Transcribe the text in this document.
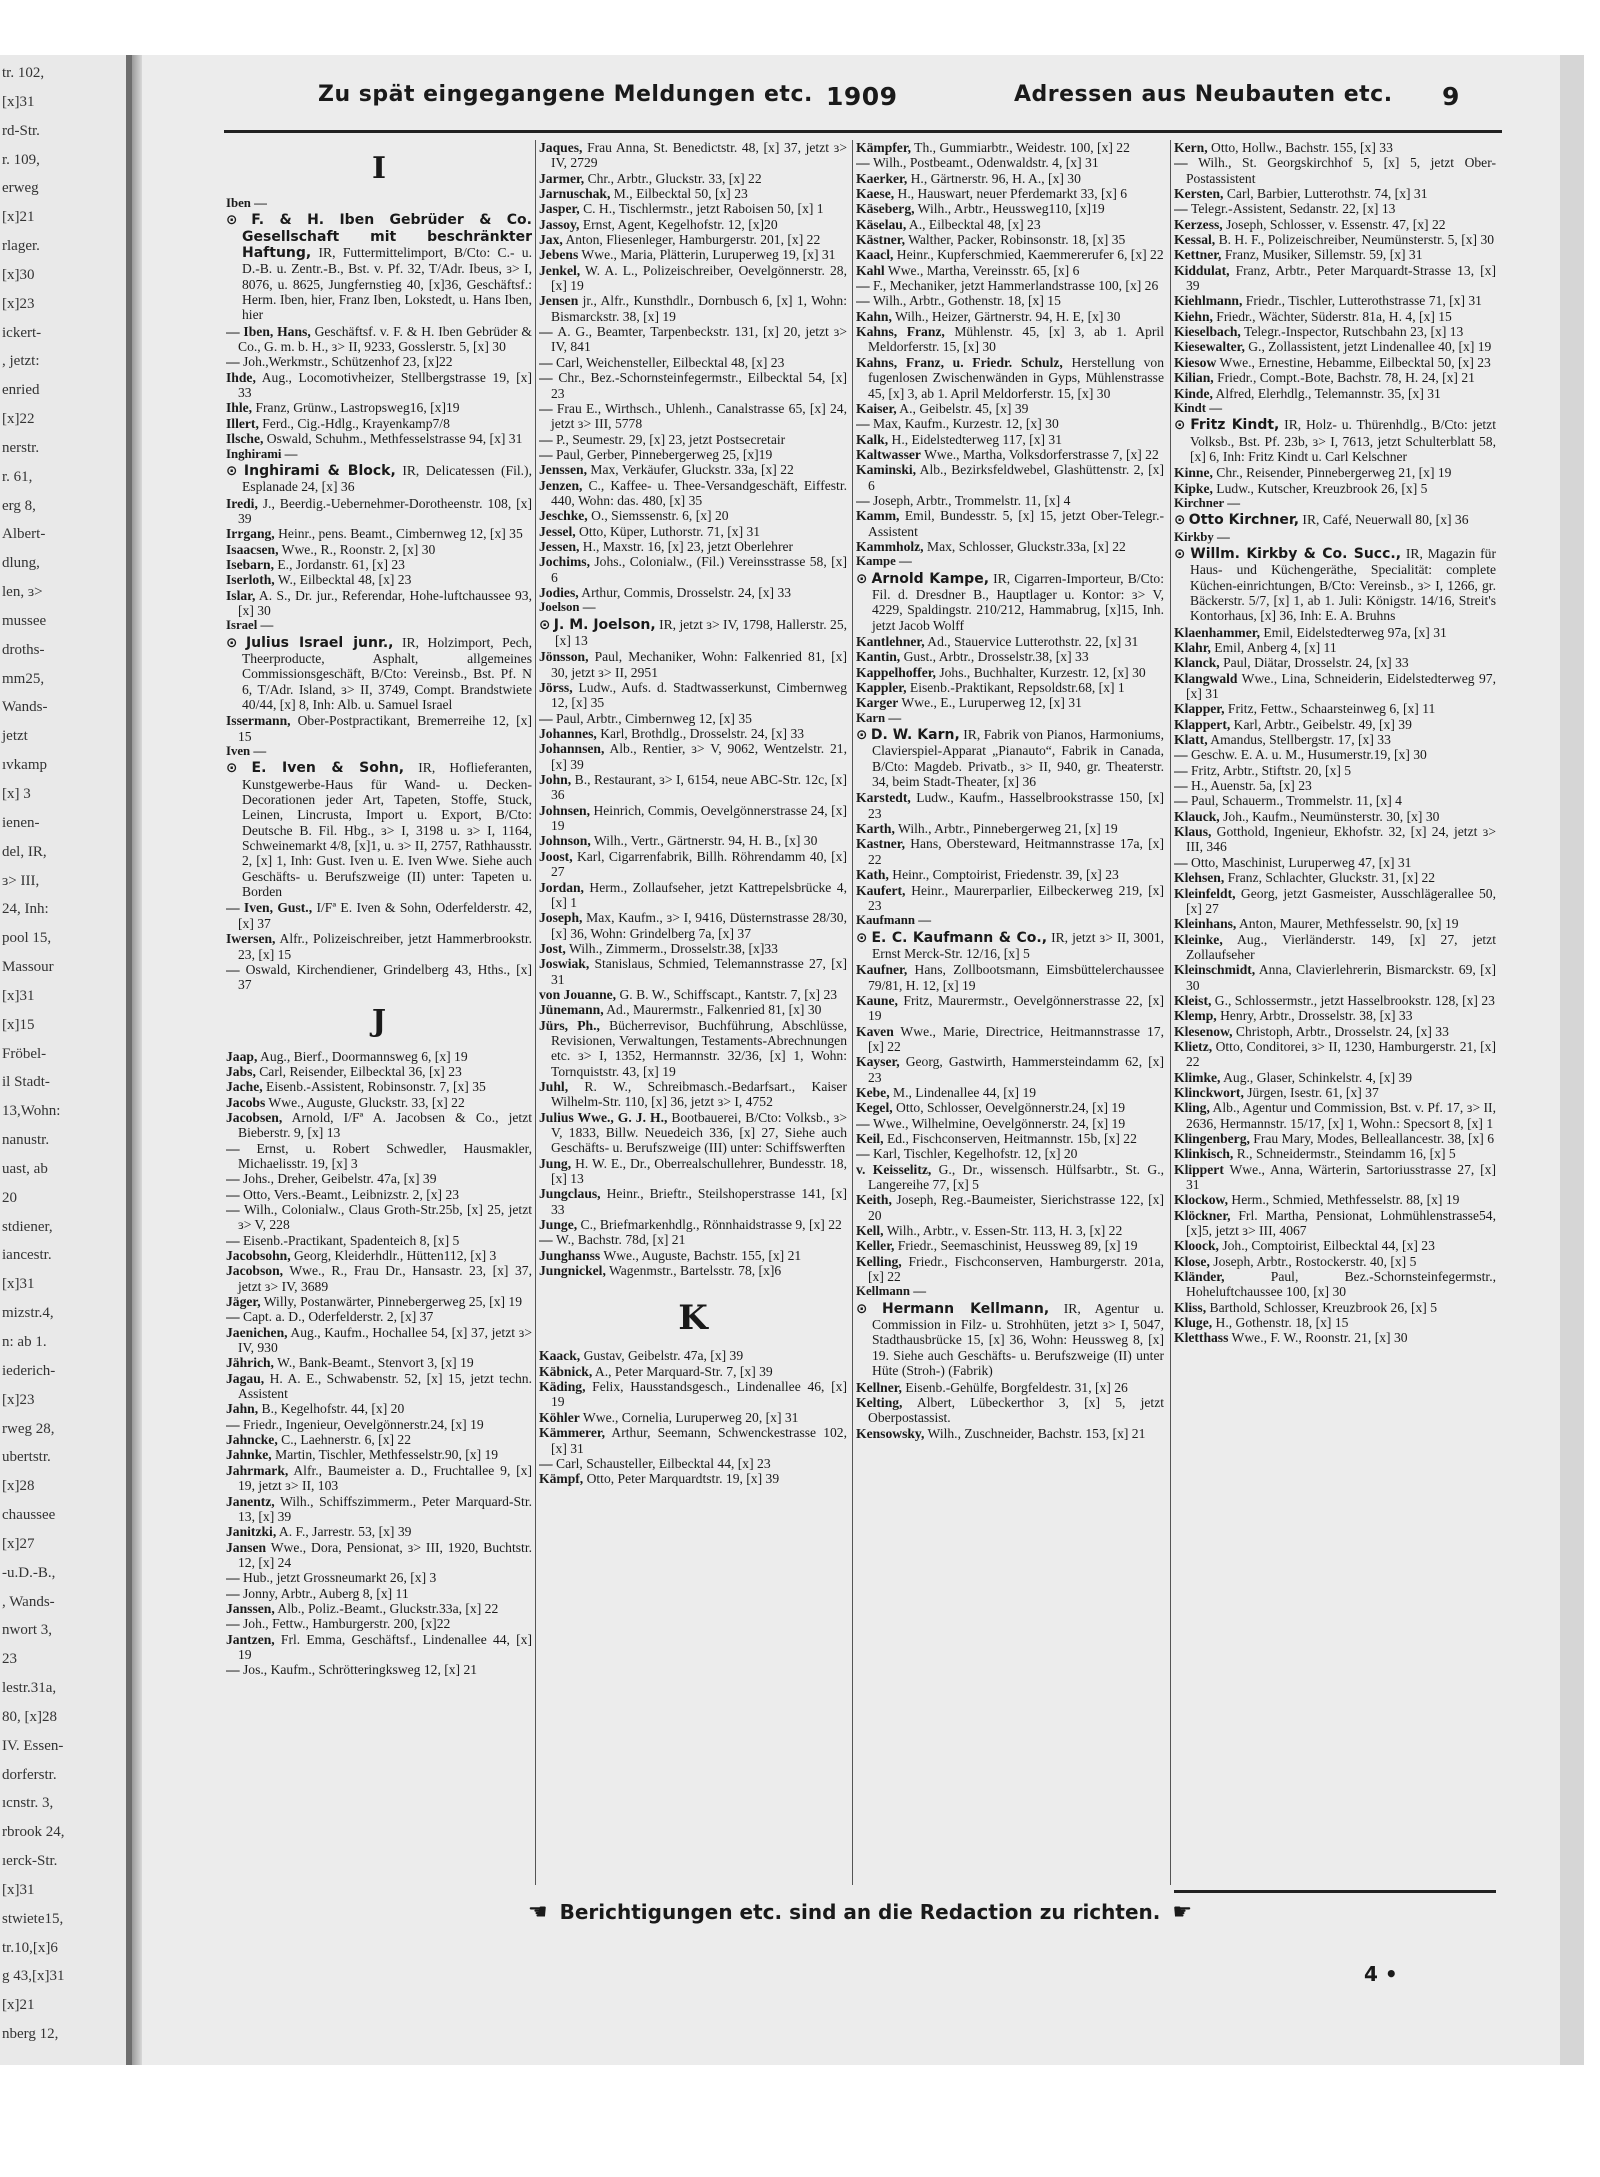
tr. 102,
[x]31
rd-Str.
r. 109,
erweg
[x]21
rlager.
[x]30
[x]23
ickert-
, jetzt:
enried
[x]22
nerstr.
r. 61,
erg 8,
Albert-
dlung,
len, ɜ>
mussee
droths-
mm25,
Wands-
jetzt
ıvkamp
[x] 3
ienen-
del, IR,
ɜ> III,
24, Inh:
pool 15,
Massour
[x]31
[x]15
Fröbel-
il Stadt-
13,Wohn:
nanustr.
uast, ab
20
stdiener,
iancestr.
[x]31
mizstr.4,
n: ab 1.
iederich-
[x]23
rweg 28,
ubertstr.
[x]28
chaussee
[x]27
-u.D.-B.,
, Wands-
nwort 3,
23
lestr.31a,
80, [x]28
IV. Essen-
dorferstr.
ıcnstr. 3,
rbrook 24,
ıerck-Str.
[x]31
stwiete15,
tr.10,[x]6
g 43,[x]31
[x]21
nberg 12,
Zu spät eingegangene Meldungen etc. 1909	Adressen aus Neubauten etc. 9
I

Iben —

⊙ F. & H. Iben Gebrüder & Co. Gesellschaft mit beschränkter Haftung, IR, Futtermittelimport, B/Cto: C.- u. D.-B. u. Zentr.-B., Bst. v. Pf. 32, T/Adr. Ibeus, ɜ> I, 8076, u. 8625, Jungfernstieg 40, [x]36, Geschäftsf.: Herm. Iben, hier, Franz Iben, Lokstedt, u. Hans Iben, hier

— Iben, Hans, Geschäftsf. v. F. & H. Iben Gebrüder & Co., G. m. b. H., ɜ> II, 9233, Gosslerstr. 5, [x] 30

— Joh.,Werkmstr., Schützenhof 23, [x]22

Ihde, Aug., Locomotivheizer, Stellbergstrasse 19, [x] 33

Ihle, Franz, Grünw., Lastropsweg16, [x]19

Illert, Ferd., Cig.-Hdlg., Krayenkamp7/8

Ilsche, Oswald, Schuhm., Methfesselstrasse 94, [x] 31

Inghirami —

⊙ Inghirami & Block, IR, Delicatessen (Fil.), Esplanade 24, [x] 36

Iredi, J., Beerdig.-Uebernehmer-Dorotheenstr. 108, [x] 39

Irrgang, Heinr., pens. Beamt., Cimbernweg 12, [x] 35

Isaacsen, Wwe., R., Roonstr. 2, [x] 30

Isebarn, E., Jordanstr. 61, [x] 23

Iserloth, W., Eilbecktal 48, [x] 23

Islar, A. S., Dr. jur., Referendar, Hohe-luftchaussee 93, [x] 30

Israel —

⊙ Julius Israel junr., IR, Holzimport, Pech, Theerproducte, Asphalt, allgemeines Commissionsgeschäft, B/Cto: Vereinsb., Bst. Pf. N 6, T/Adr. Island, ɜ> II, 3749, Compt. Brandstwiete 40/44, [x] 8, Inh: Alb. u. Samuel Israel

Issermann, Ober-Postpractikant, Bremerreihe 12, [x] 15

Iven —

⊙ E. Iven & Sohn, IR, Hoflieferanten, Kunstgewerbe-Haus für Wand- u. Decken-Decorationen jeder Art, Tapeten, Stoffe, Stuck, Leinen, Lincrusta, Import u. Export, B/Cto: Deutsche B. Fil. Hbg., ɜ> I, 3198 u. ɜ> I, 1164, Schweinemarkt 4/8, [x]1, u. ɜ> II, 2757, Rathhausstr. 2, [x] 1, Inh: Gust. Iven u. E. Iven Wwe. Siehe auch Geschäfts- u. Berufszweige (II) unter: Tapeten u. Borden

— Iven, Gust., I/Fª E. Iven & Sohn, Oderfelderstr. 42, [x] 37

Iwersen, Alfr., Polizeischreiber, jetzt Hammerbrookstr. 23, [x] 15

— Oswald, Kirchendiener, Grindelberg 43, Hths., [x] 37

J

Jaap, Aug., Bierf., Doormannsweg 6, [x] 19

Jabs, Carl, Reisender, Eilbecktal 36, [x] 23

Jache, Eisenb.-Assistent, Robinsonstr. 7, [x] 35

Jacobs Wwe., Auguste, Gluckstr. 33, [x] 22

Jacobsen, Arnold, I/Fª A. Jacobsen & Co., jetzt Bieberstr. 9, [x] 13

— Ernst, u. Robert Schwedler, Hausmakler, Michaelisstr. 19, [x] 3

— Johs., Dreher, Geibelstr. 47a, [x] 39

— Otto, Vers.-Beamt., Leibnizstr. 2, [x] 23

— Wilh., Colonialw., Claus Groth-Str.25b, [x] 25, jetzt ɜ> V, 228

— Eisenb.-Practikant, Spadenteich 8, [x] 5

Jacobsohn, Georg, Kleiderhdlr., Hütten112, [x] 3

Jacobson, Wwe., R., Frau Dr., Hansastr. 23, [x] 37, jetzt ɜ> IV, 3689

Jäger, Willy, Postanwärter, Pinnebergerweg 25, [x] 19

— Capt. a. D., Oderfelderstr. 2, [x] 37

Jaenichen, Aug., Kaufm., Hochallee 54, [x] 37, jetzt ɜ> IV, 930

Jährich, W., Bank-Beamt., Stenvort 3, [x] 19

Jagau, H. A. E., Schwabenstr. 52, [x] 15, jetzt techn. Assistent

Jahn, B., Kegelhofstr. 44, [x] 20

— Friedr., Ingenieur, Oevelgönnerstr.24, [x] 19

Jahncke, C., Laehnerstr. 6, [x] 22

Jahnke, Martin, Tischler, Methfesselstr.90, [x] 19

Jahrmark, Alfr., Baumeister a. D., Fruchtallee 9, [x] 19, jetzt ɜ> II, 103

Janentz, Wilh., Schiffszimmerm., Peter Marquard-Str. 13, [x] 39

Janitzki, A. F., Jarrestr. 53, [x] 39

Jansen Wwe., Dora, Pensionat, ɜ> III, 1920, Buchtstr. 12, [x] 24

— Hub., jetzt Grossneumarkt 26, [x] 3

— Jonny, Arbtr., Auberg 8, [x] 11

Janssen, Alb., Poliz.-Beamt., Gluckstr.33a, [x] 22

— Joh., Fettw., Hamburgerstr. 200, [x]22

Jantzen, Frl. Emma, Geschäftsf., Lindenallee 44, [x] 19

— Jos., Kaufm., Schrötteringksweg 12, [x] 21

Jaques, Frau Anna, St. Benedictstr. 48, [x] 37, jetzt ɜ> IV, 2729

Jarmer, Chr., Arbtr., Gluckstr. 33, [x] 22

Jarnuschak, M., Eilbecktal 50, [x] 23

Jasper, C. H., Tischlermstr., jetzt Raboisen 50, [x] 1

Jassoy, Ernst, Agent, Kegelhofstr. 12, [x]20

Jax, Anton, Fliesenleger, Hamburgerstr. 201, [x] 22

Jebens Wwe., Maria, Plätterin, Luruperweg 19, [x] 31

Jenkel, W. A. L., Polizeischreiber, Oevelgönnerstr. 28, [x] 19

Jensen jr., Alfr., Kunsthdlr., Dornbusch 6, [x] 1, Wohn: Bismarckstr. 38, [x] 19

— A. G., Beamter, Tarpenbeckstr. 131, [x] 20, jetzt ɜ> IV, 841

— Carl, Weichensteller, Eilbecktal 48, [x] 23

— Chr., Bez.-Schornsteinfegermstr., Eilbecktal 54, [x] 23

— Frau E., Wirthsch., Uhlenh., Canalstrasse 65, [x] 24, jetzt ɜ> III, 5778

— P., Seumestr. 29, [x] 23, jetzt Postsecretair

— Paul, Gerber, Pinnebergerweg 25, [x]19

Jenssen, Max, Verkäufer, Gluckstr. 33a, [x] 22

Jenzen, C., Kaffee- u. Thee-Versandgeschäft, Eiffestr. 440, Wohn: das. 480, [x] 35

Jeschke, O., Siemssenstr. 6, [x] 20

Jessel, Otto, Küper, Luthorstr. 71, [x] 31

Jessen, H., Maxstr. 16, [x] 23, jetzt Oberlehrer

Jochims, Johs., Colonialw., (Fil.) Vereinsstrasse 58, [x] 6

Jodies, Arthur, Commis, Drosselstr. 24, [x] 33

Joelson —

⊙ J. M. Joelson, IR, jetzt ɜ> IV, 1798, Hallerstr. 25, [x] 13

Jönsson, Paul, Mechaniker, Wohn: Falkenried 81, [x] 30, jetzt ɜ> II, 2951

Jörss, Ludw., Aufs. d. Stadtwasserkunst, Cimbernweg 12, [x] 35

— Paul, Arbtr., Cimbernweg 12, [x] 35

Johannes, Karl, Brothdlg., Drosselstr. 24, [x] 33

Johannsen, Alb., Rentier, ɜ> V, 9062, Wentzelstr. 21, [x] 39

John, B., Restaurant, ɜ> I, 6154, neue ABC-Str. 12c, [x] 36

Johnsen, Heinrich, Commis, Oevelgönnerstrasse 24, [x] 19

Johnson, Wilh., Vertr., Gärtnerstr. 94, H. B., [x] 30

Joost, Karl, Cigarrenfabrik, Billh. Röhrendamm 40, [x] 27

Jordan, Herm., Zollaufseher, jetzt Kattrepelsbrücke 4, [x] 1

Joseph, Max, Kaufm., ɜ> I, 9416, Düsternstrasse 28/30, [x] 36, Wohn: Grindelberg 7a, [x] 37

Jost, Wilh., Zimmerm., Drosselstr.38, [x]33

Joswiak, Stanislaus, Schmied, Telemannstrasse 27, [x] 31

von Jouanne, G. B. W., Schiffscapt., Kantstr. 7, [x] 23

Jünemann, Ad., Maurermstr., Falkenried 81, [x] 30

Jürs, Ph., Bücherrevisor, Buchführung, Abschlüsse, Revisionen, Verwaltungen, Testaments-Abrechnungen etc. ɜ> I, 1352, Hermannstr. 32/36, [x] 1, Wohn: Tornquiststr. 43, [x] 19

Juhl, R. W., Schreibmasch.-Bedarfsart., Kaiser Wilhelm-Str. 110, [x] 36, jetzt ɜ> I, 4752

Julius Wwe., G. J. H., Bootbauerei, B/Cto: Volksb., ɜ> V, 1833, Billw. Neuedeich 336, [x] 27, Siehe auch Geschäfts- u. Berufszweige (III) unter: Schiffswerften

Jung, H. W. E., Dr., Oberrealschullehrer, Bundesstr. 18, [x] 13

Jungclaus, Heinr., Brieftr., Steilshoperstrasse 141, [x] 33

Junge, C., Briefmarkenhdlg., Rönnhaidstrasse 9, [x] 22

— W., Bachstr. 78d, [x] 21

Junghanss Wwe., Auguste, Bachstr. 155, [x] 21

Jungnickel, Wagenmstr., Bartelsstr. 78, [x]6

K

Kaack, Gustav, Geibelstr. 47a, [x] 39

Käbnick, A., Peter Marquard-Str. 7, [x] 39

Käding, Felix, Hausstandsgesch., Lindenallee 46, [x] 19

Köhler Wwe., Cornelia, Luruperweg 20, [x] 31

Kämmerer, Arthur, Seemann, Schwenckestrasse 102, [x] 31

— Carl, Schausteller, Eilbecktal 44, [x] 23

Kämpf, Otto, Peter Marquardtstr. 19, [x] 39

Kämpfer, Th., Gummiarbtr., Weidestr. 100, [x] 22

— Wilh., Postbeamt., Odenwaldstr. 4, [x] 31

Kaerker, H., Gärtnerstr. 96, H. A., [x] 30

Kaese, H., Hauswart, neuer Pferdemarkt 33, [x] 6

Käseberg, Wilh., Arbtr., Heussweg110, [x]19

Käselau, A., Eilbecktal 48, [x] 23

Kästner, Walther, Packer, Robinsonstr. 18, [x] 35

Kaacl, Heinr., Kupferschmied, Kaemmererufer 6, [x] 22

Kahl Wwe., Martha, Vereinsstr. 65, [x] 6

— F., Mechaniker, jetzt Hammerlandstrasse 100, [x] 26

— Wilh., Arbtr., Gothenstr. 18, [x] 15

Kahn, Wilh., Heizer, Gärtnerstr. 94, H. E, [x] 30

Kahns, Franz, Mühlenstr. 45, [x] 3, ab 1. April Meldorferstr. 15, [x] 30

Kahns, Franz, u. Friedr. Schulz, Herstellung von fugenlosen Zwischenwänden in Gyps, Mühlenstrasse 45, [x] 3, ab 1. April Meldorferstr. 15, [x] 30

Kaiser, A., Geibelstr. 45, [x] 39

— Max, Kaufm., Kurzestr. 12, [x] 30

Kalk, H., Eidelstedterweg 117, [x] 31

Kaltwasser Wwe., Martha, Volksdorferstrasse 7, [x] 22

Kaminski, Alb., Bezirksfeldwebel, Glashüttenstr. 2, [x] 6

— Joseph, Arbtr., Trommelstr. 11, [x] 4

Kamm, Emil, Bundesstr. 5, [x] 15, jetzt Ober-Telegr.-Assistent

Kammholz, Max, Schlosser, Gluckstr.33a, [x] 22

Kampe —

⊙ Arnold Kampe, IR, Cigarren-Importeur, B/Cto: Fil. d. Dresdner B., Hauptlager u. Kontor: ɜ> V, 4229, Spaldingstr. 210/212, Hammabrug, [x]15, Inh. jetzt Jacob Wolff

Kantlehner, Ad., Stauervice Lutterothstr. 22, [x] 31

Kantin, Gust., Arbtr., Drosselstr.38, [x] 33

Kappelhoffer, Johs., Buchhalter, Kurzestr. 12, [x] 30

Kappler, Eisenb.-Praktikant, Repsoldstr.68, [x] 1

Karger Wwe., E., Luruperweg 12, [x] 31

Karn —

⊙ D. W. Karn, IR, Fabrik von Pianos, Harmoniums, Clavierspiel-Apparat „Pianauto“, Fabrik in Canada, B/Cto: Magdeb. Privatb., ɜ> II, 940, gr. Theaterstr. 34, beim Stadt-Theater, [x] 36

Karstedt, Ludw., Kaufm., Hasselbrookstrasse 150, [x] 23

Karth, Wilh., Arbtr., Pinnebergerweg 21, [x] 19

Kastner, Hans, Obersteward, Heitmannstrasse 17a, [x] 22

Kath, Heinr., Comptoirist, Friedenstr. 39, [x] 23

Kaufert, Heinr., Maurerparlier, Eilbeckerweg 219, [x] 23

Kaufmann —

⊙ E. C. Kaufmann & Co., IR, jetzt ɜ> II, 3001, Ernst Merck-Str. 12/16, [x] 5

Kaufner, Hans, Zollbootsmann, Eimsbüttelerchaussee 79/81, H. 12, [x] 19

Kaune, Fritz, Maurermstr., Oevelgönnerstrasse 22, [x] 19

Kaven Wwe., Marie, Directrice, Heitmannstrasse 17, [x] 22

Kayser, Georg, Gastwirth, Hammersteindamm 62, [x] 23

Kebe, M., Lindenallee 44, [x] 19

Kegel, Otto, Schlosser, Oevelgönnerstr.24, [x] 19

— Wwe., Wilhelmine, Oevelgönnerstr. 24, [x] 19

Keil, Ed., Fischconserven, Heitmannstr. 15b, [x] 22

— Karl, Tischler, Kegelhofstr. 12, [x] 20

v. Keisselitz, G., Dr., wissensch. Hülfsarbtr., St. G., Langereihe 77, [x] 5

Keith, Joseph, Reg.-Baumeister, Sierichstrasse 122, [x] 20

Kell, Wilh., Arbtr., v. Essen-Str. 113, H. 3, [x] 22

Keller, Friedr., Seemaschinist, Heussweg 89, [x] 19

Kelling, Friedr., Fischconserven, Hamburgerstr. 201a, [x] 22

Kellmann —

⊙ Hermann Kellmann, IR, Agentur u. Commission in Filz- u. Strohhüten, jetzt ɜ> I, 5047, Stadthausbrücke 15, [x] 36, Wohn: Heussweg 8, [x] 19. Siehe auch Geschäfts- u. Berufszweige (II) unter Hüte (Stroh-) (Fabrik)

Kellner, Eisenb.-Gehülfe, Borgfeldestr. 31, [x] 26

Kelting, Albert, Lübeckerthor 3, [x] 5, jetzt Oberpostassist.

Kensowsky, Wilh., Zuschneider, Bachstr. 153, [x] 21

Kern, Otto, Hollw., Bachstr. 155, [x] 33

— Wilh., St. Georgskirchhof 5, [x] 5, jetzt Ober-Postassistent

Kersten, Carl, Barbier, Lutterothstr. 74, [x] 31

— Telegr.-Assistent, Sedanstr. 22, [x] 13

Kerzess, Joseph, Schlosser, v. Essenstr. 47, [x] 22

Kessal, B. H. F., Polizeischreiber, Neumünsterstr. 5, [x] 30

Kettner, Franz, Musiker, Sillemstr. 59, [x] 31

Kiddulat, Franz, Arbtr., Peter Marquardt-Strasse 13, [x] 39

Kiehlmann, Friedr., Tischler, Lutterothstrasse 71, [x] 31

Kiehn, Friedr., Wächter, Süderstr. 81a, H. 4, [x] 15

Kieselbach, Telegr.-Inspector, Rutschbahn 23, [x] 13

Kiesewalter, G., Zollassistent, jetzt Lindenallee 40, [x] 19

Kiesow Wwe., Ernestine, Hebamme, Eilbecktal 50, [x] 23

Kilian, Friedr., Compt.-Bote, Bachstr. 78, H. 24, [x] 21

Kinde, Alfred, Elerhdlg., Telemannstr. 35, [x] 31

Kindt —

⊙ Fritz Kindt, IR, Holz- u. Thürenhdlg., B/Cto: jetzt Volksb., Bst. Pf. 23b, ɜ> I, 7613, jetzt Schulterblatt 58, [x] 6, Inh: Fritz Kindt u. Carl Kelschner

Kinne, Chr., Reisender, Pinnebergerweg 21, [x] 19

Kipke, Ludw., Kutscher, Kreuzbrook 26, [x] 5

Kirchner —

⊙ Otto Kirchner, IR, Café, Neuerwall 80, [x] 36

Kirkby —

⊙ Willm. Kirkby & Co. Succ., IR, Magazin für Haus- und Küchengeräthe, Specialität: complete Küchen-einrichtungen, B/Cto: Vereinsb., ɜ> I, 1266, gr. Bäckerstr. 5/7, [x] 1, ab 1. Juli: Königstr. 14/16, Streit's Kontorhaus, [x] 36, Inh: E. A. Bruhns

Klaenhammer, Emil, Eidelstedterweg 97a, [x] 31

Klahr, Emil, Anberg 4, [x] 11

Klanck, Paul, Diätar, Drosselstr. 24, [x] 33

Klangwald Wwe., Lina, Schneiderin, Eidelstedterweg 97, [x] 31

Klapper, Fritz, Fettw., Schaarsteinweg 6, [x] 11

Klappert, Karl, Arbtr., Geibelstr. 49, [x] 39

Klatt, Amandus, Stellbergstr. 17, [x] 33

— Geschw. E. A. u. M., Husumerstr.19, [x] 30

— Fritz, Arbtr., Stiftstr. 20, [x] 5

— H., Auenstr. 5a, [x] 23

— Paul, Schauerm., Trommelstr. 11, [x] 4

Klauck, Joh., Kaufm., Neumünsterstr. 30, [x] 30

Klaus, Gotthold, Ingenieur, Ekhofstr. 32, [x] 24, jetzt ɜ> III, 346

— Otto, Maschinist, Luruperweg 47, [x] 31

Klehsen, Franz, Schlachter, Gluckstr. 31, [x] 22

Kleinfeldt, Georg, jetzt Gasmeister, Ausschlägerallee 50, [x] 27

Kleinhans, Anton, Maurer, Methfesselstr. 90, [x] 19

Kleinke, Aug., Vierländerstr. 149, [x] 27, jetzt Zollaufseher

Kleinschmidt, Anna, Clavierlehrerin, Bismarckstr. 69, [x] 30

Kleist, G., Schlossermstr., jetzt Hasselbrookstr. 128, [x] 23

Klemp, Henry, Arbtr., Drosselstr. 38, [x] 33

Klesenow, Christoph, Arbtr., Drosselstr. 24, [x] 33

Klietz, Otto, Conditorei, ɜ> II, 1230, Hamburgerstr. 21, [x] 22

Klimke, Aug., Glaser, Schinkelstr. 4, [x] 39

Klinckwort, Jürgen, Isestr. 61, [x] 37

Kling, Alb., Agentur und Commission, Bst. v. Pf. 17, ɜ> II, 2636, Hermannstr. 15/17, [x] 1, Wohn.: Specsort 8, [x] 1

Klingenberg, Frau Mary, Modes, Belleallancestr. 38, [x] 6

Klinkisch, R., Schneidermstr., Steindamm 16, [x] 5

Klippert Wwe., Anna, Wärterin, Sartoriusstrasse 27, [x] 31

Klockow, Herm., Schmied, Methfesselstr. 88, [x] 19

Klöckner, Frl. Martha, Pensionat, Lohmühlenstrasse54, [x]5, jetzt ɜ> III, 4067

Kloock, Joh., Comptoirist, Eilbecktal 44, [x] 23

Klose, Joseph, Arbtr., Rostockerstr. 40, [x] 5

Kländer, Paul, Bez.-Schornsteinfegermstr., Hoheluftchaussee 100, [x] 30

Kliss, Barthold, Schlosser, Kreuzbrook 26, [x] 5

Kluge, H., Gothenstr. 18, [x] 15

Kletthass Wwe., F. W., Roonstr. 21, [x] 30

☚ Berichtigungen etc. sind an die Redaction zu richten. ☛
4 •
